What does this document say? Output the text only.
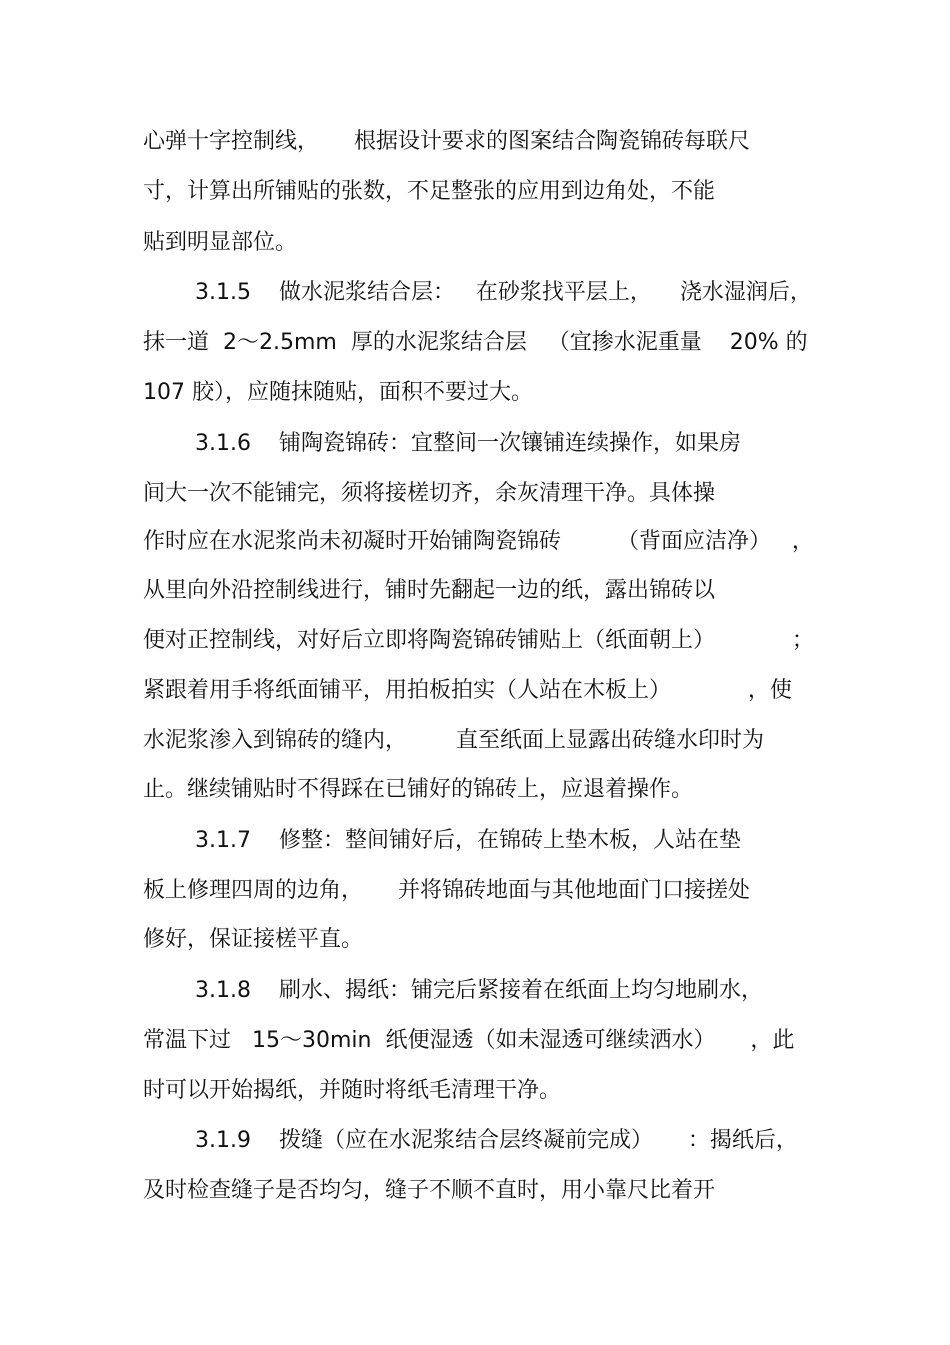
心弹十字控制线，     根据设计要求的图案结合陶瓷锦砖每联尺
寸，计算出所铺贴的张数，不足整张的应用到边角处，不能
贴到明显部位。
3.1.5    做水泥浆结合层：   在砂浆找平层上，    浇水湿润后，
抹一道  2～2.5mm  厚的水泥浆结合层   （宜掺水泥重量    20% 的
107 胶），应随抹随贴，面积不要过大。
3.1.6    铺陶瓷锦砖：宜整间一次镶铺连续操作，如果房
间大一次不能铺完，须将接槎切齐，余灰清理干净。具体操
作时应在水泥浆尚未初凝时开始铺陶瓷锦砖        （背面应洁净）   ，
从里向外沿控制线进行，铺时先翻起一边的纸，露出锦砖以
便对正控制线，对好后立即将陶瓷锦砖铺贴上（纸面朝上）           ；
紧跟着用手将纸面铺平，用拍板拍实（人站在木板上）           ，使
水泥浆渗入到锦砖的缝内，       直至纸面上显露出砖缝水印时为
止。继续铺贴时不得踩在已铺好的锦砖上，应退着操作。
3.1.7    修整：整间铺好后，在锦砖上垫木板，人站在垫
板上修理四周的边角，     并将锦砖地面与其他地面门口接搓处
修好，保证接槎平直。
3.1.8    刷水、揭纸：铺完后紧接着在纸面上均匀地刷水，
常温下过   15～30min  纸便湿透（如未湿透可继续洒水）     ，此
时可以开始揭纸，并随时将纸毛清理干净。
3.1.9    拨缝（应在水泥浆结合层终凝前完成）     ：揭纸后，
及时检查缝子是否均匀，缝子不顺不直时，用小靠尺比着开
